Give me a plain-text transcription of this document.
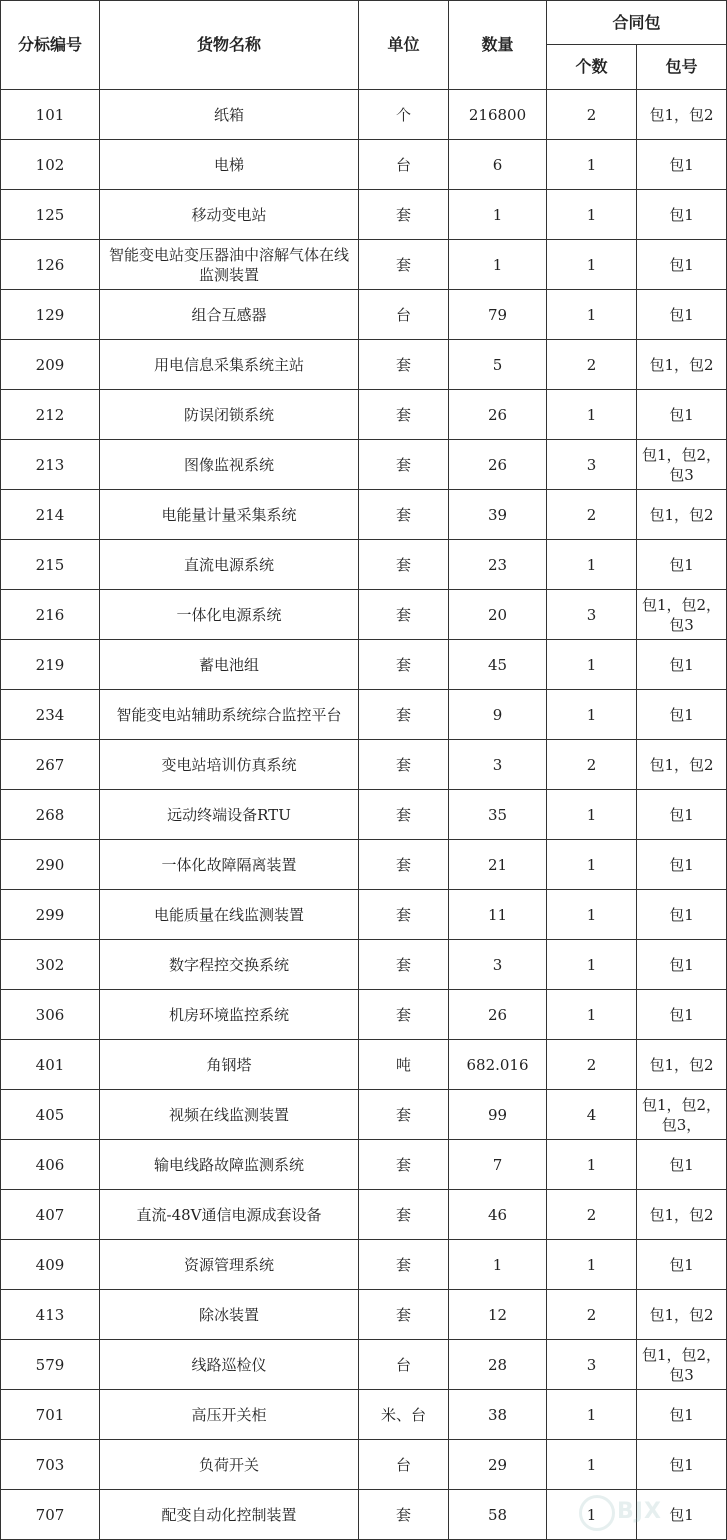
分标编号	货物名称	单位	数量	合同包	
				个数	包号
101	纸箱	个	216800	2	包1，包2
102	电梯	台	6	1	包1
125	移动变电站	套	1	1	包1
126	智能变电站变压器油中溶解气体在线监测装置	套	1	1	包1
129	组合互感器	台	79	1	包1
209	用电信息采集系统主站	套	5	2	包1，包2
212	防误闭锁系统	套	26	1	包1
213	图像监视系统	套	26	3	包1，包2，包3
214	电能量计量采集系统	套	39	2	包1，包2
215	直流电源系统	套	23	1	包1
216	一体化电源系统	套	20	3	包1，包2，包3
219	蓄电池组	套	45	1	包1
234	智能变电站辅助系统综合监控平台	套	9	1	包1
267	变电站培训仿真系统	套	3	2	包1，包2
268	远动终端设备RTU	套	35	1	包1
290	一体化故障隔离装置	套	21	1	包1
299	电能质量在线监测装置	套	11	1	包1
302	数字程控交换系统	套	3	1	包1
306	机房环境监控系统	套	26	1	包1
401	角钢塔	吨	682.016	2	包1，包2
405	视频在线监测装置	套	99	4	包1，包2，包3，
406	输电线路故障监测系统	套	7	1	包1
407	直流-48V通信电源成套设备	套	46	2	包1，包2
409	资源管理系统	套	1	1	包1
413	除冰装置	套	12	2	包1，包2
579	线路巡检仪	台	28	3	包1，包2，包3
701	高压开关柜	米、台	38	1	包1
703	负荷开关	台	29	1	包1
707	配变自动化控制装置	套	58	1	包1
BJX
